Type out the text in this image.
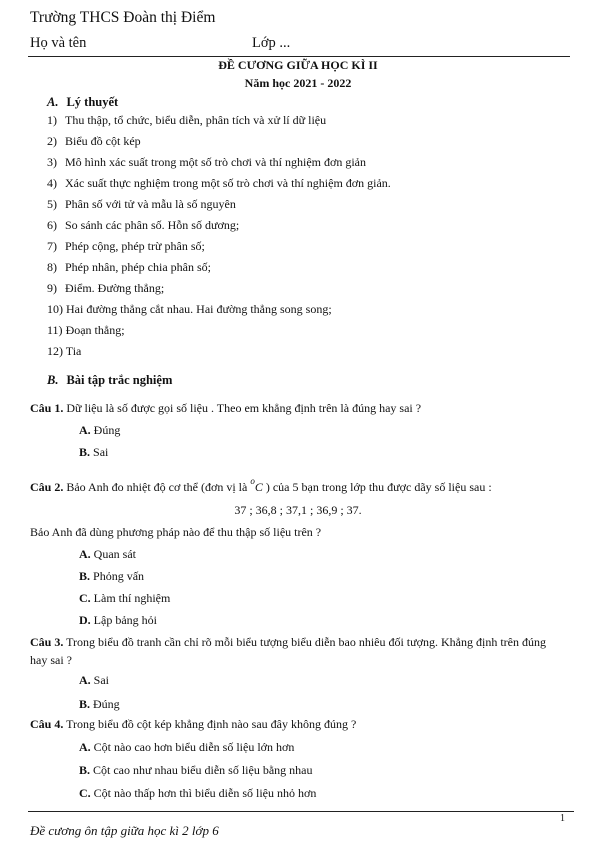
Trường THCS Đoàn thị Điểm
Họ và tên	Lớp ...
ĐỀ CƯƠNG GIỮA HỌC KÌ II
Năm học 2021 - 2022
A. Lý thuyết
1) Thu thập, tổ chức, biểu diễn, phân tích và xử lí dữ liệu
2) Biểu đồ cột kép
3) Mô hình xác suất trong một số trò chơi và thí nghiệm đơn giản
4) Xác suất thực nghiệm trong một số trò chơi và thí nghiệm đơn giản.
5) Phân số với tử và mẫu là số nguyên
6) So sánh các phân số. Hỗn số dương;
7) Phép cộng, phép trừ phân số;
8) Phép nhân, phép chia phân số;
9) Điểm. Đường thẳng;
10) Hai đường thẳng cắt nhau. Hai đường thẳng song song;
11) Đoạn thẳng;
12) Tia
B. Bài tập trắc nghiệm
Câu 1. Dữ liệu là số được gọi số liệu . Theo em khẳng định trên là đúng hay sai ?
A. Đúng
B. Sai
Câu 2. Bảo Anh đo nhiệt độ cơ thể (đơn vị là $^o$C ) của 5 bạn trong lớp thu được dãy số liệu sau :
37 ; 36,8 ; 37,1 ; 36,9 ; 37.
Bảo Anh đã dùng phương pháp nào để thu thập số liệu trên ?
A. Quan sát
B. Phỏng vấn
C. Làm thí nghiệm
D. Lập bảng hỏi
Câu 3. Trong biểu đồ tranh cần chỉ rõ mỗi biểu tượng biểu diễn bao nhiêu đối tượng. Khẳng định trên đúng
hay sai ?
A. Sai
B. Đúng
Câu 4. Trong biểu đồ cột kép khẳng định nào sau đây không đúng ?
A. Cột nào cao hơn biểu diễn số liệu lớn hơn
B. Cột cao như nhau biểu diễn số liệu bằng nhau
C. Cột nào thấp hơn thì biểu diễn số liệu nhỏ hơn
1
Đề cương ôn tập giữa học kì 2 lớp 6
